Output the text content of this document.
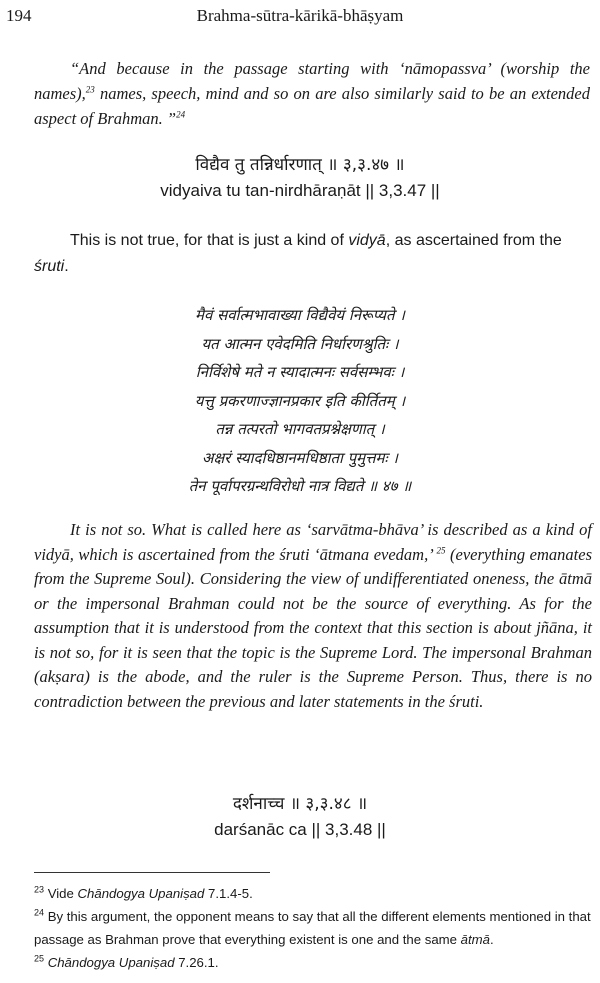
194	Brahma-sūtra-kārikā-bhāṣyam
“And because in the passage starting with ‘nāmopassva’ (worship the names),$^{23}$ names, speech, mind and so on are also similarly said to be an extended aspect of Brahman. ”$^{24}$
विद्यैव तु तन्निर्धारणात् ॥ ३,३.४७ ॥
vidyaiva tu tan-nirdhāraṇāt || 3,3.47 ||
This is not true, for that is just a kind of vidyā, as ascertained from the śruti.
मैवं सर्वात्मभावाख्या विद्यैवेयं निरूप्यते ।
यत आत्मन एवेदमिति निर्धारणश्रुतिः ।
निर्विशेषे मते न स्यादात्मनः सर्वसम्भवः ।
यत्तु प्रकरणाज्ज्ञानप्रकार इति कीर्तितम् ।
तन्न तत्परतो भागवतप्रश्नेक्षणात् ।
अक्षरं स्यादधिष्ठानमधिष्ठाता पुमुत्तमः ।
तेन पूर्वापरग्रन्थविरोधो नात्र विद्यते ॥ ४७ ॥
It is not so. What is called here as ‘sarvātma-bhāva’ is described as a kind of vidyā, which is ascertained from the śruti ‘ātmana evedam,’ $^{25}$ (everything emanates from the Supreme Soul). Considering the view of undifferentiated oneness, the ātmā or the impersonal Brahman could not be the source of everything. As for the assumption that it is understood from the context that this section is about jñāna, it is not so, for it is seen that the topic is the Supreme Lord. The impersonal Brahman (akṣara) is the abode, and the ruler is the Supreme Person. Thus, there is no contradiction between the previous and later statements in the śruti.
दर्शनाच्च ॥ ३,३.४८ ॥
darśanāc ca || 3,3.48 ||

$^{23}$ Vide Chāndogya Upaniṣad 7.1.4-5.

$^{24}$ By this argument, the opponent means to say that all the different elements mentioned in that passage as Brahman prove that everything existent is one and the same ātmā.

$^{25}$ Chāndogya Upaniṣad 7.26.1.
